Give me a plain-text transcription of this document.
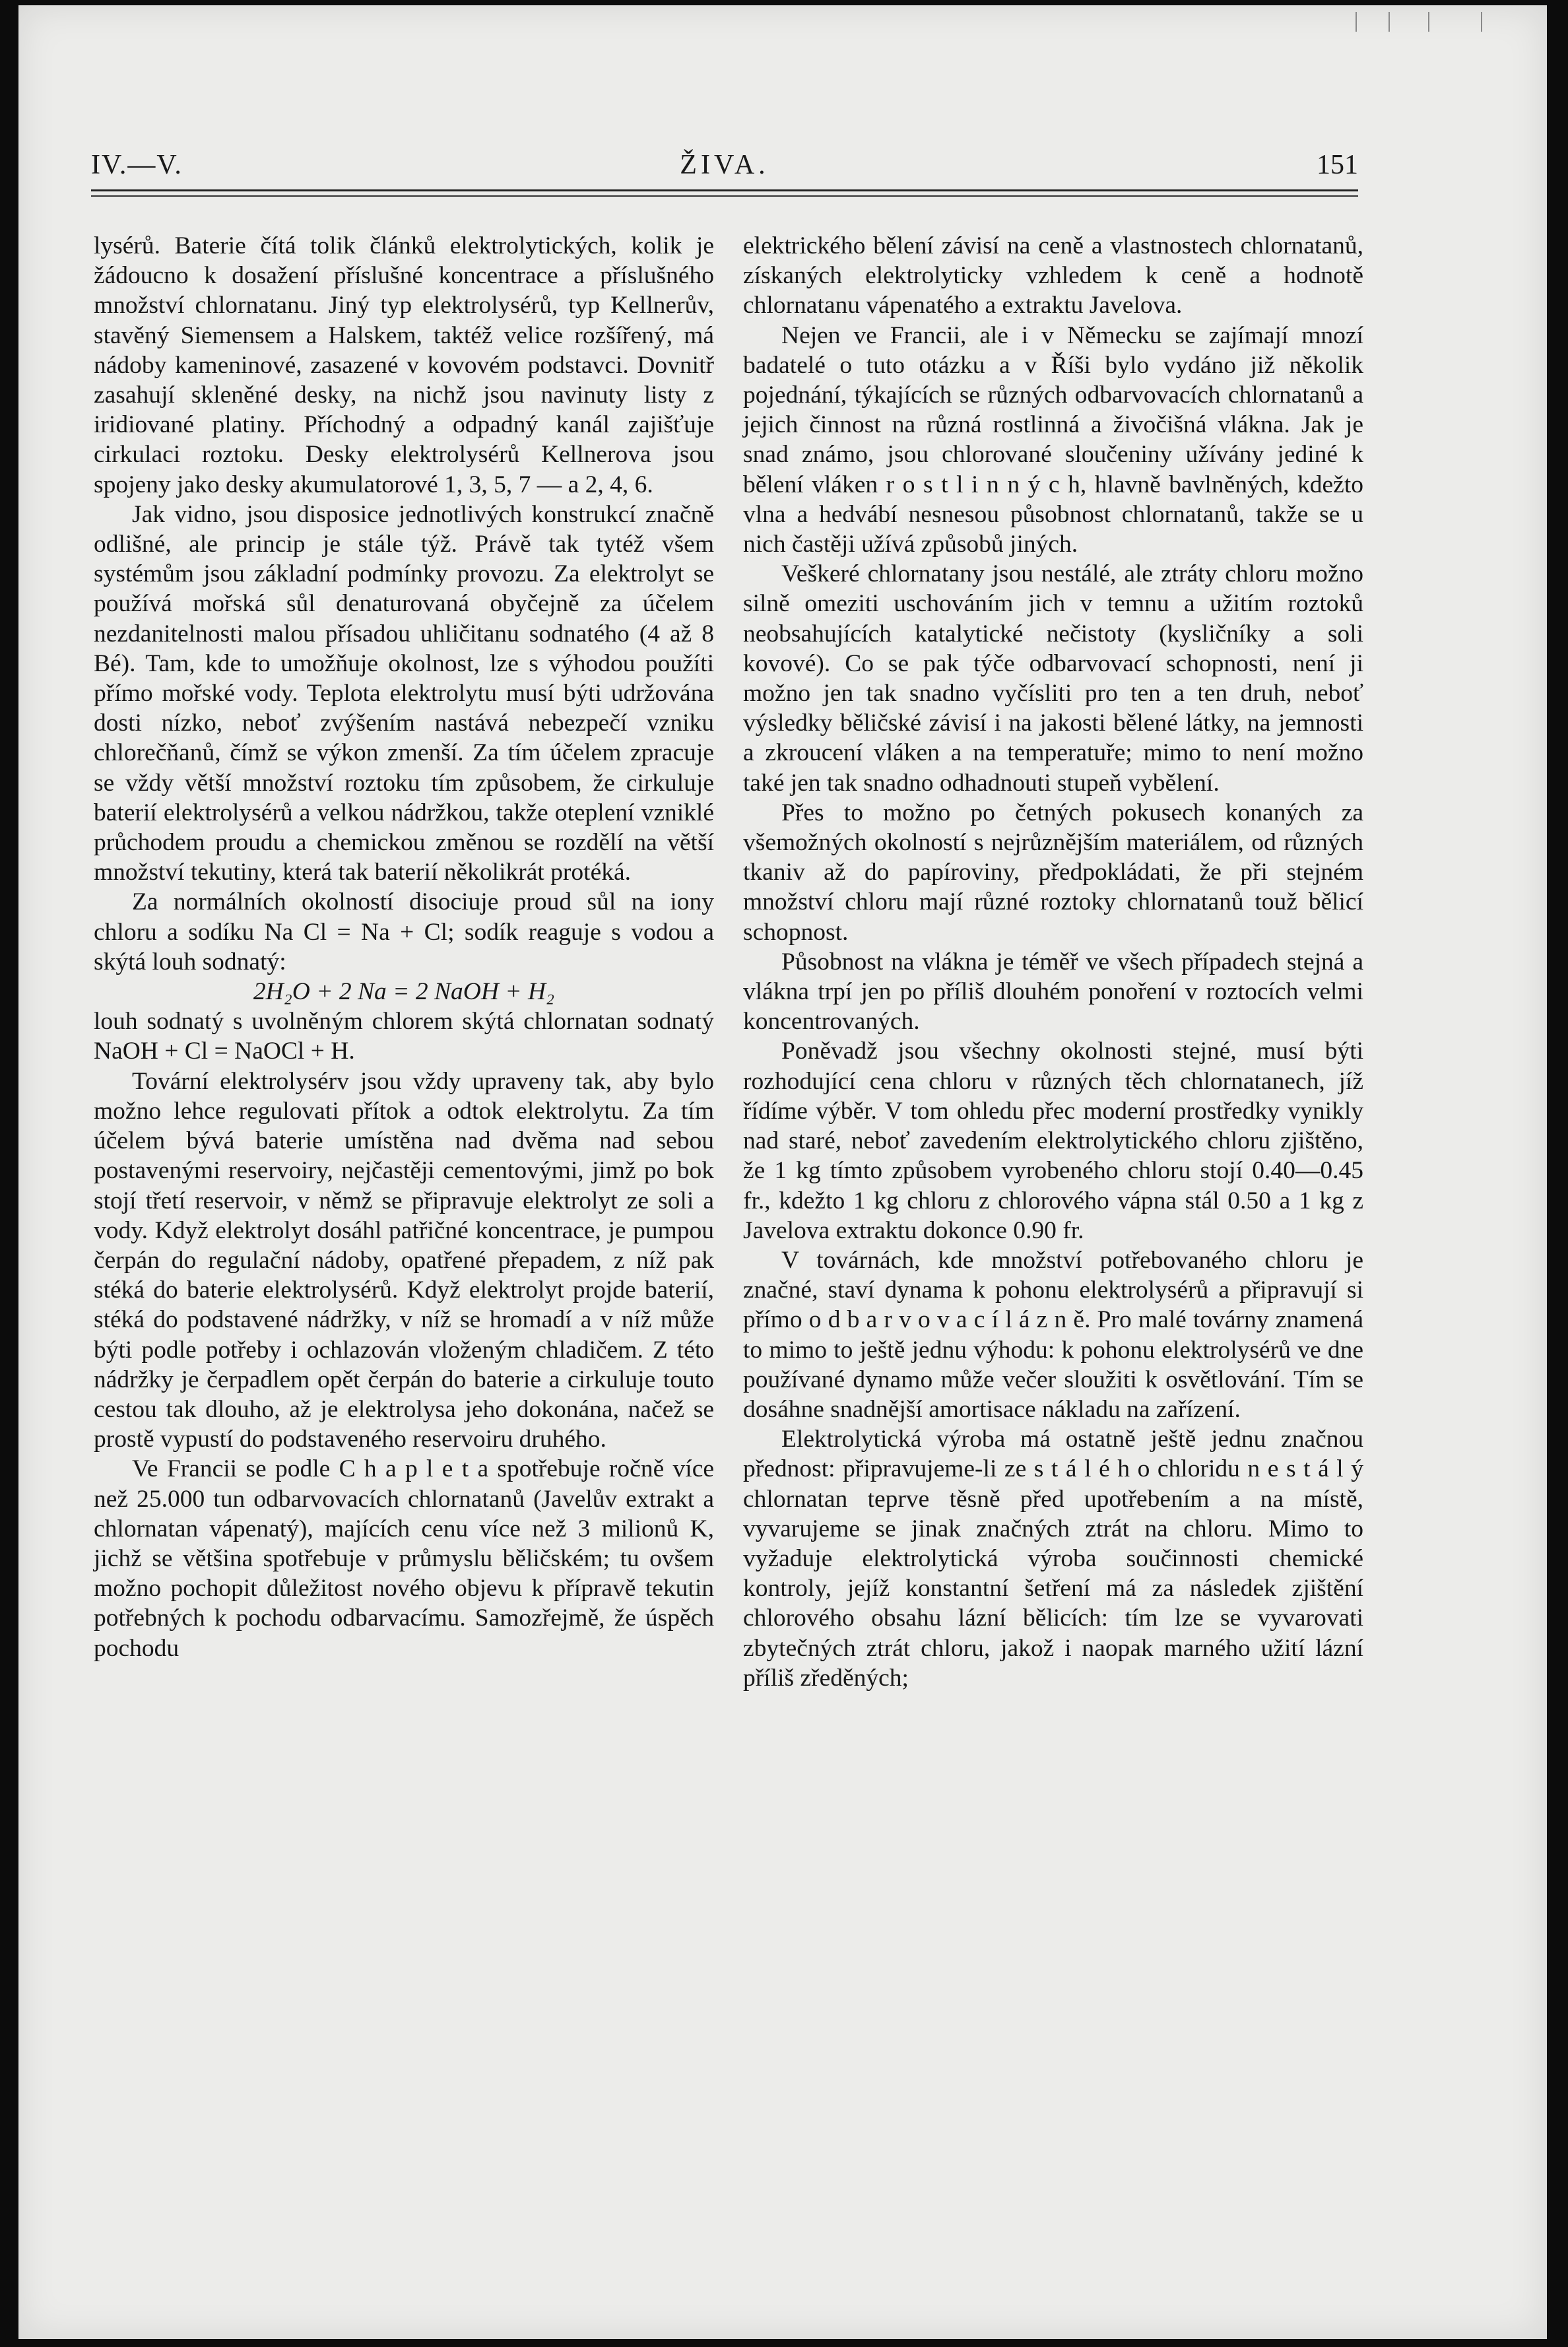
IV.—V.	ŽIVA.	151

lysérů. Baterie čítá tolik článků elektrolytických, kolik je žádoucno k dosažení příslušné koncentrace a příslušného množství chlornatanu. Jiný typ elektrolysérů, typ Kellnerův, stavěný Siemensem a Halskem, taktéž velice rozšířený, má nádoby kameninové, zasazené v kovovém podstavci. Dovnitř zasahují skleněné desky, na nichž jsou navinuty listy z iridiované platiny. Příchodný a odpadný kanál zajišťuje cirkulaci roztoku. Desky elektrolysérů Kellnerova jsou spojeny jako desky akumulatorové 1, 3, 5, 7 — a 2, 4, 6.

Jak vidno, jsou disposice jednotlivých konstrukcí značně odlišné, ale princip je stále týž. Právě tak tytéž všem systémům jsou základní podmínky provozu. Za elektrolyt se používá mořská sůl denaturovaná obyčejně za účelem nezdanitelnosti malou přísadou uhličitanu sodnatého (4 až 8 Bé). Tam, kde to umožňuje okolnost, lze s výhodou použíti přímo mořské vody. Teplota elektrolytu musí býti udržována dosti nízko, neboť zvýšením nastává nebezpečí vzniku chlorečňanů, čímž se výkon zmenší. Za tím účelem zpracuje se vždy větší množství roztoku tím způsobem, že cirkuluje baterií elektrolysérů a velkou nádržkou, takže oteplení vzniklé průchodem proudu a chemickou změnou se rozdělí na větší množství tekutiny, která tak baterií několikrát protéká.

Za normálních okolností disociuje proud sůl na iony chloru a sodíku Na Cl = Na + Cl; sodík reaguje s vodou a skýtá louh sodnatý:

2H₂O + 2 Na = 2 NaOH + H₂

louh sodnatý s uvolněným chlorem skýtá chlornatan sodnatý NaOH + Cl = NaOCl + H.

Tovární elektrolysérv jsou vždy upraveny tak, aby bylo možno lehce regulovati přítok a odtok elektrolytu. Za tím účelem bývá baterie umístěna nad dvěma nad sebou postavenými reservoiry, nejčastěji cementovými, jimž po bok stojí třetí reservoir, v němž se připravuje elektrolyt ze soli a vody. Když elektrolyt dosáhl patřičné koncentrace, je pumpou čerpán do regulační nádoby, opatřené přepadem, z níž pak stéká do baterie elektrolysérů. Když elektrolyt projde baterií, stéká do podstavené nádržky, v níž se hromadí a v níž může býti podle potřeby i ochlazován vloženým chladičem. Z této nádržky je čerpadlem opět čerpán do baterie a cirkuluje touto cestou tak dlouho, až je elektrolysa jeho dokonána, načež se prostě vypustí do podstaveného reservoiru druhého.

Ve Francii se podle C h a p l e t a spotřebuje ročně více než 25.000 tun odbarvovacích chlornatanů (Javelův extrakt a chlornatan vápenatý), majících cenu více než 3 milionů K, jichž se většina spotřebuje v průmyslu běličském; tu ovšem možno pochopit důležitost nového objevu k přípravě tekutin potřebných k pochodu odbarvacímu. Samozřejmě, že úspěch pochodu

elektrického bělení závisí na ceně a vlastnostech chlornatanů, získaných elektrolyticky vzhledem k ceně a hodnotě chlornatanu vápenatého a extraktu Javelova.

Nejen ve Francii, ale i v Německu se zajímají mnozí badatelé o tuto otázku a v Říši bylo vydáno již několik pojednání, týkajících se různých odbarvovacích chlornatanů a jejich činnost na různá rostlinná a živočišná vlákna. Jak je snad známo, jsou chlorované sloučeniny užívány jediné k bělení vláken r o s t l i n n ý c h, hlavně bavlněných, kdežto vlna a hedvábí nesnesou působnost chlornatanů, takže se u nich častěji užívá způsobů jiných.

Veškeré chlornatany jsou nestálé, ale ztráty chloru možno silně omeziti uschováním jich v temnu a užitím roztoků neobsahujících katalytické nečistoty (kysličníky a soli kovové). Co se pak týče odbarvovací schopnosti, není ji možno jen tak snadno vyčísliti pro ten a ten druh, neboť výsledky běličské závisí i na jakosti bělené látky, na jemnosti a zkroucení vláken a na temperatuře; mimo to není možno také jen tak snadno odhadnouti stupeň vybělení.

Přes to možno po četných pokusech konaných za všemožných okolností s nejrůznějším materiálem, od různých tkaniv až do papíroviny, předpokládati, že při stejném množství chloru mají různé roztoky chlornatanů touž bělicí schopnost.

Působnost na vlákna je téměř ve všech případech stejná a vlákna trpí jen po příliš dlouhém ponoření v roztocích velmi koncentrovaných.

Poněvadž jsou všechny okolnosti stejné, musí býti rozhodující cena chloru v různých těch chlornatanech, jíž řídíme výběr. V tom ohledu přec moderní prostředky vynikly nad staré, neboť zavedením elektrolytického chloru zjištěno, že 1 kg tímto způsobem vyrobeného chloru stojí 0.40—0.45 fr., kdežto 1 kg chloru z chlorového vápna stál 0.50 a 1 kg z Javelova extraktu dokonce 0.90 fr.

V továrnách, kde množství potřebovaného chloru je značné, staví dynama k pohonu elektrolysérů a připravují si přímo o d b a r v o v a c í l á z n ě. Pro malé továrny znamená to mimo to ještě jednu výhodu: k pohonu elektrolysérů ve dne používané dynamo může večer sloužiti k osvětlování. Tím se dosáhne snadnější amortisace nákladu na zařízení.

Elektrolytická výroba má ostatně ještě jednu značnou přednost: připravujeme-li ze s t á l é h o chloridu n e s t á l ý chlornatan teprve těsně před upotřebením a na místě, vyvarujeme se jinak značných ztrát na chloru. Mimo to vyžaduje elektrolytická výroba součinnosti chemické kontroly, jejíž konstantní šetření má za následek zjištění chlorového obsahu lázní bělicích: tím lze se vyvarovati zbytečných ztrát chloru, jakož i naopak marného užití lázní příliš zředěných;
